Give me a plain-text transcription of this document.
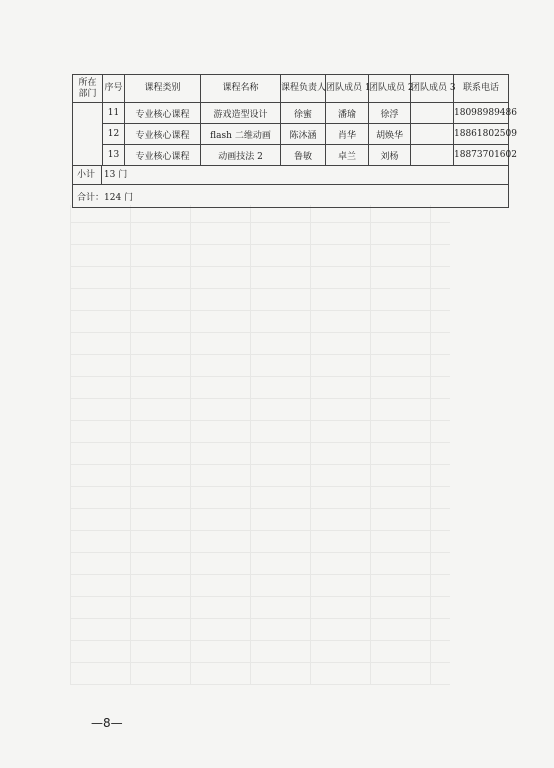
所在部门	序号	课程类别	课程名称	课程负责人	团队成员 1	团队成员 2	团队成员 3	联系电话
	11	专业核心课程	游戏造型设计	徐蜜	潘瑜	徐浮		18098989486
	12	专业核心课程	flash 二维动画	陈沐涵	肖华	胡焕华		18861802509
	13	专业核心课程	动画技法 2	鲁敏	卓兰	刘杨		18873701602
小计 13 门								
合计：124 门								
—8—
